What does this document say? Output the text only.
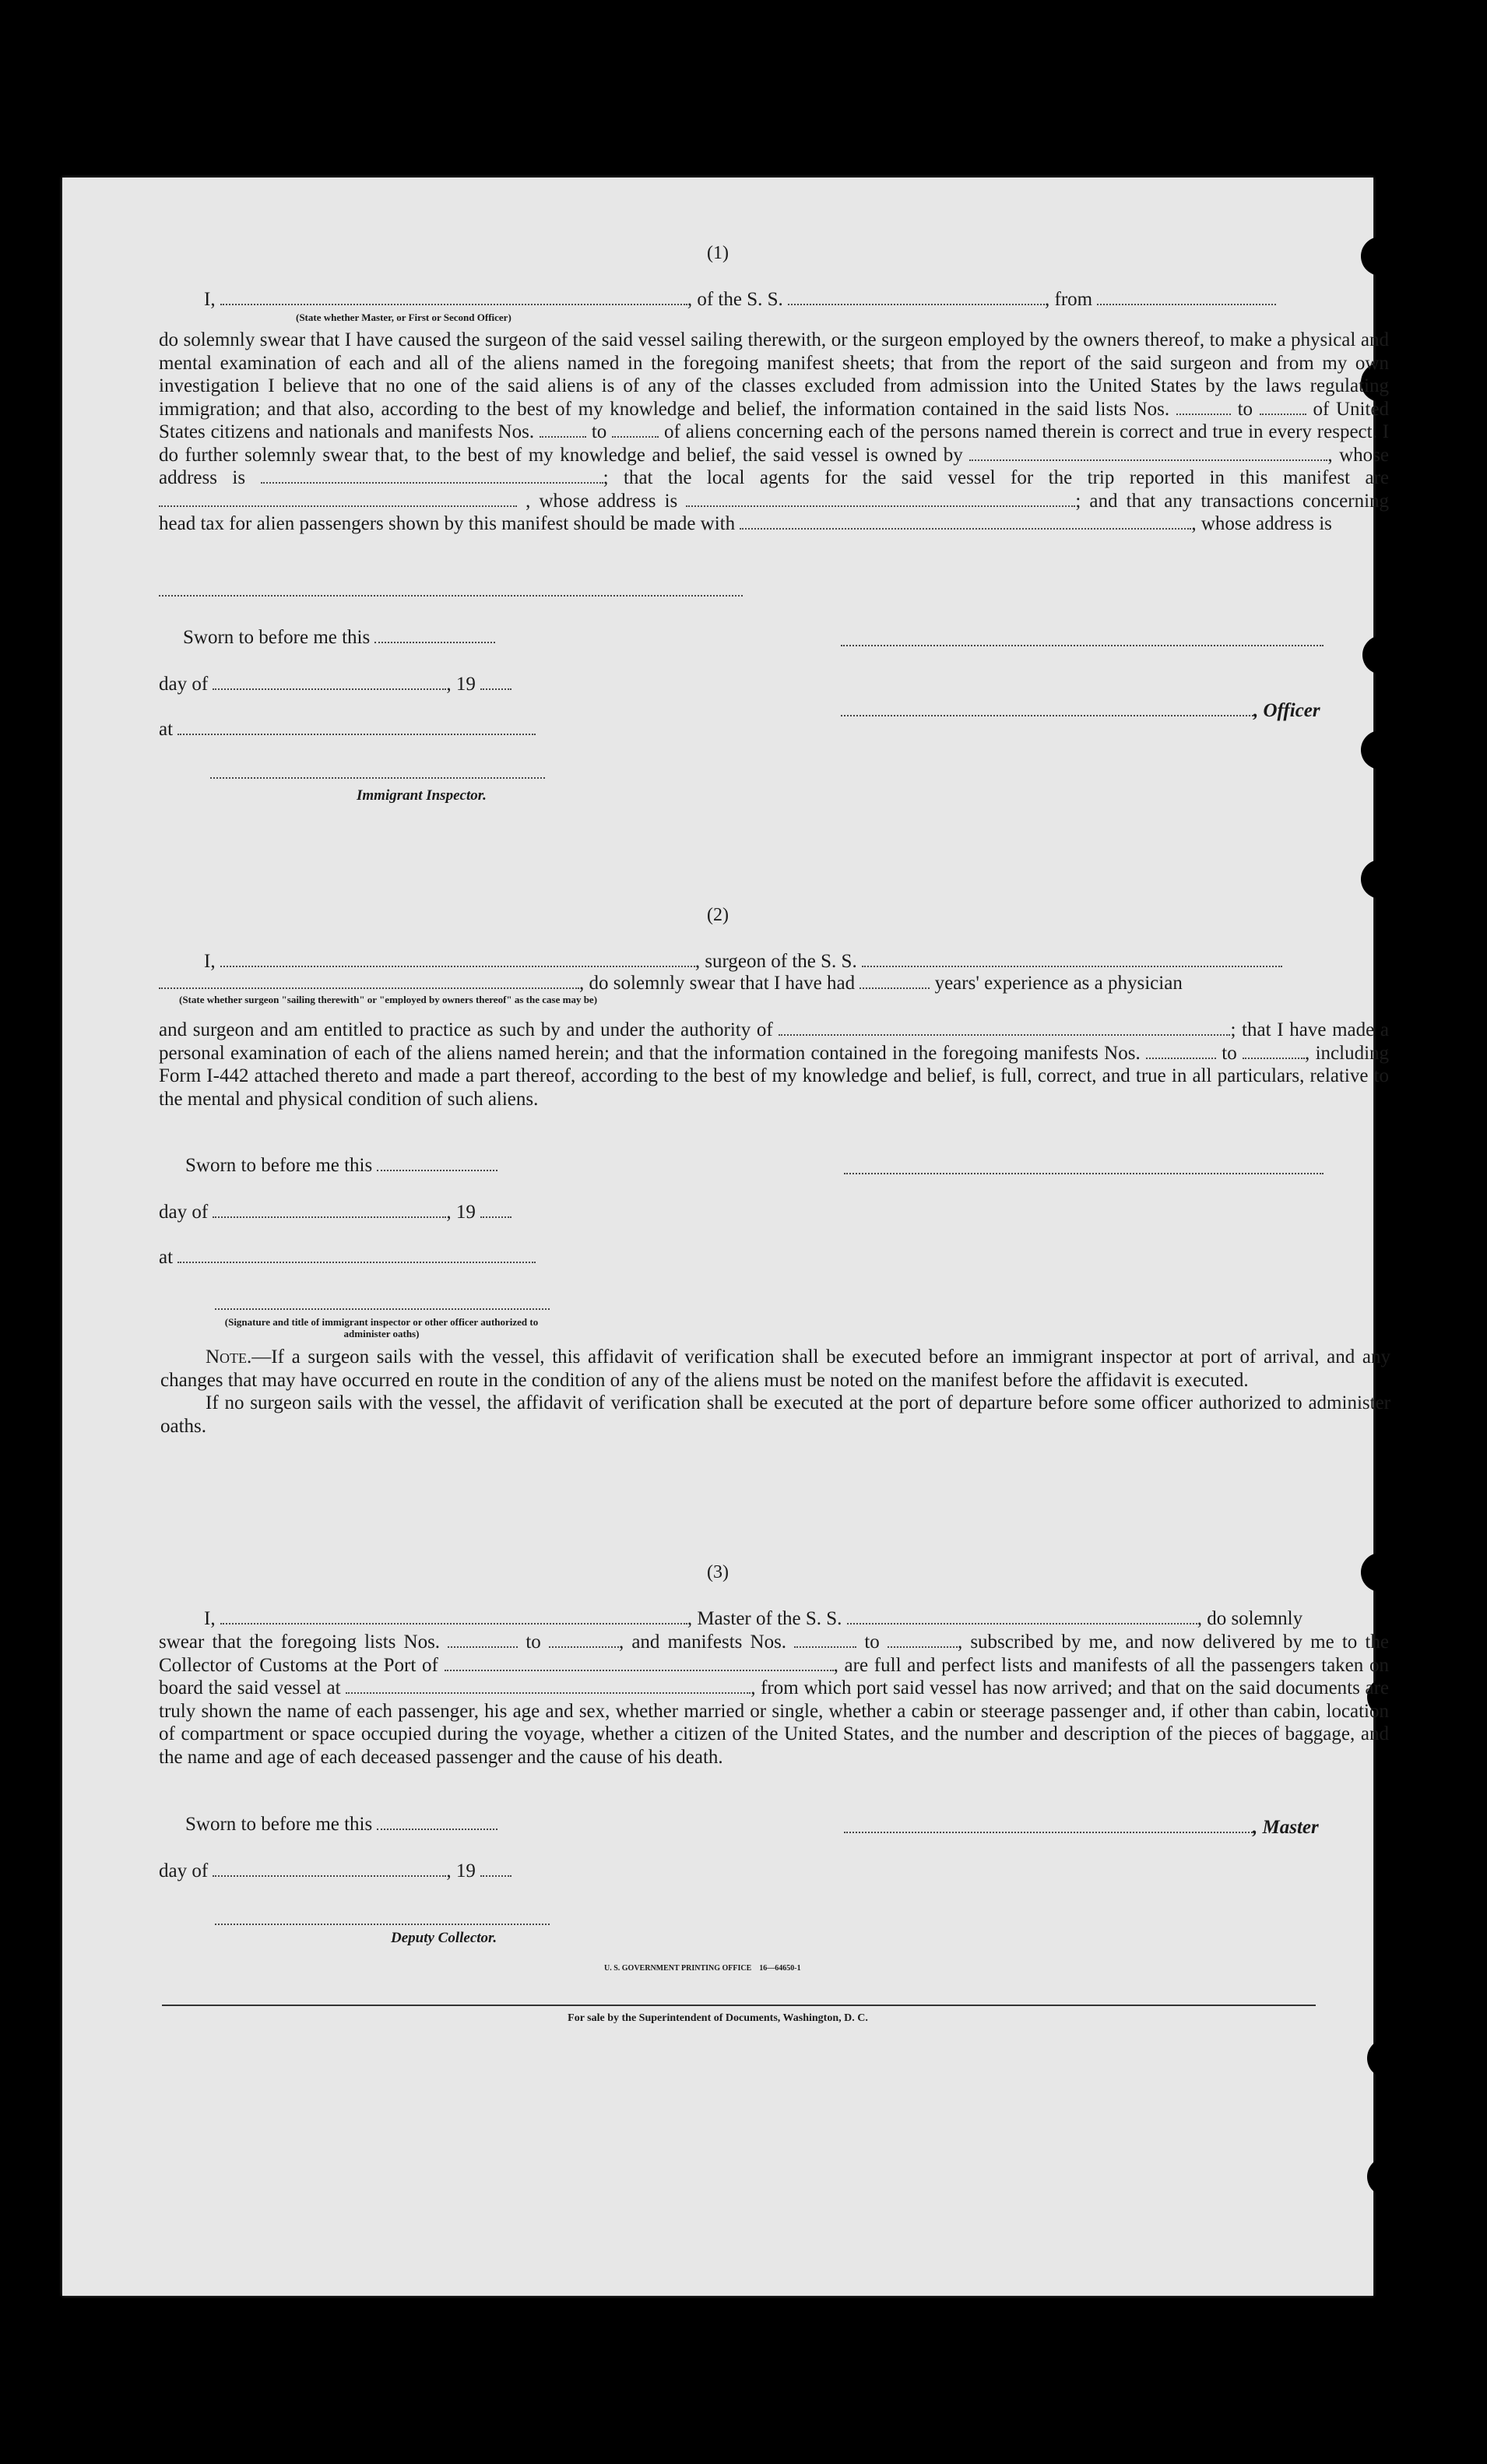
(1)
I,	, of the S. S.	, from
(State whether Master, or First or Second Officer)

do solemnly swear that I have caused the surgeon of the said vessel sailing therewith, or the surgeon employed by the owners thereof, to make a physical and mental examination of each and all of the aliens named in the foregoing manifest sheets; that from the report of the said surgeon and from my own investigation I believe that no one of the said aliens is of any of the classes excluded from admission into the United States by the laws regulating immigration; and that also, according to the best of my knowledge and belief, the information contained in the said lists Nos.	to	of United States citizens and nationals and manifests Nos.	to	of aliens concerning each of the persons named therein is correct and true in every respect. I do further solemnly swear that, to the best of my knowledge and belief, the said vessel is owned by	, whose address is	; that the local agents for the said vessel for the trip reported in this manifest are  , whose address is	; and that any transactions concerning head tax for alien passengers shown by this manifest should be made with	, whose address is

Sworn to before me this
day of	, 19
, Officer
at
Immigrant Inspector.
(2)
I,	, surgeon of the S. S.
, do solemnly swear that I have had	years' experience as a physician
(State whether surgeon "sailing therewith" or "employed by owners thereof" as the case may be)

and surgeon and am entitled to practice as such by and under the authority of	; that I have made a personal examination of each of the aliens named herein; and that the information contained in the foregoing manifests Nos.	to	, including Form I-442 attached thereto and made a part thereof, according to the best of my knowledge and belief, is full, correct, and true in all particulars, relative to the mental and physical condition of such aliens.

Sworn to before me this
day of	, 19
at
(Signature and title of immigrant inspector or other officer authorized to administer oaths)

Note.—If a surgeon sails with the vessel, this affidavit of verification shall be executed before an immigrant inspector at port of arrival, and any changes that may have occurred en route in the condition of any of the aliens must be noted on the manifest before the affidavit is executed.

If no surgeon sails with the vessel, the affidavit of verification shall be executed at the port of departure before some officer authorized to administer oaths.

(3)
I,	, Master of the S. S.	, do solemnly

swear that the foregoing lists Nos.	to	, and manifests Nos.	to	, subscribed by me, and now delivered by me to the Collector of Customs at the Port of	, are full and perfect lists and manifests of all the passengers taken on board the said vessel at	, from which port said vessel has now arrived; and that on the said documents are truly shown the name of each passenger, his age and sex, whether married or single, whether a cabin or steerage passenger and, if other than cabin, location of compartment or space occupied during the voyage, whether a citizen of the United States, and the number and description of the pieces of baggage, and the name and age of each deceased passenger and the cause of his death.

Sworn to before me this	, Master
day of	, 19
Deputy Collector.
U. S. GOVERNMENT PRINTING OFFICE    16—64650-1
For sale by the Superintendent of Documents, Washington, D. C.
